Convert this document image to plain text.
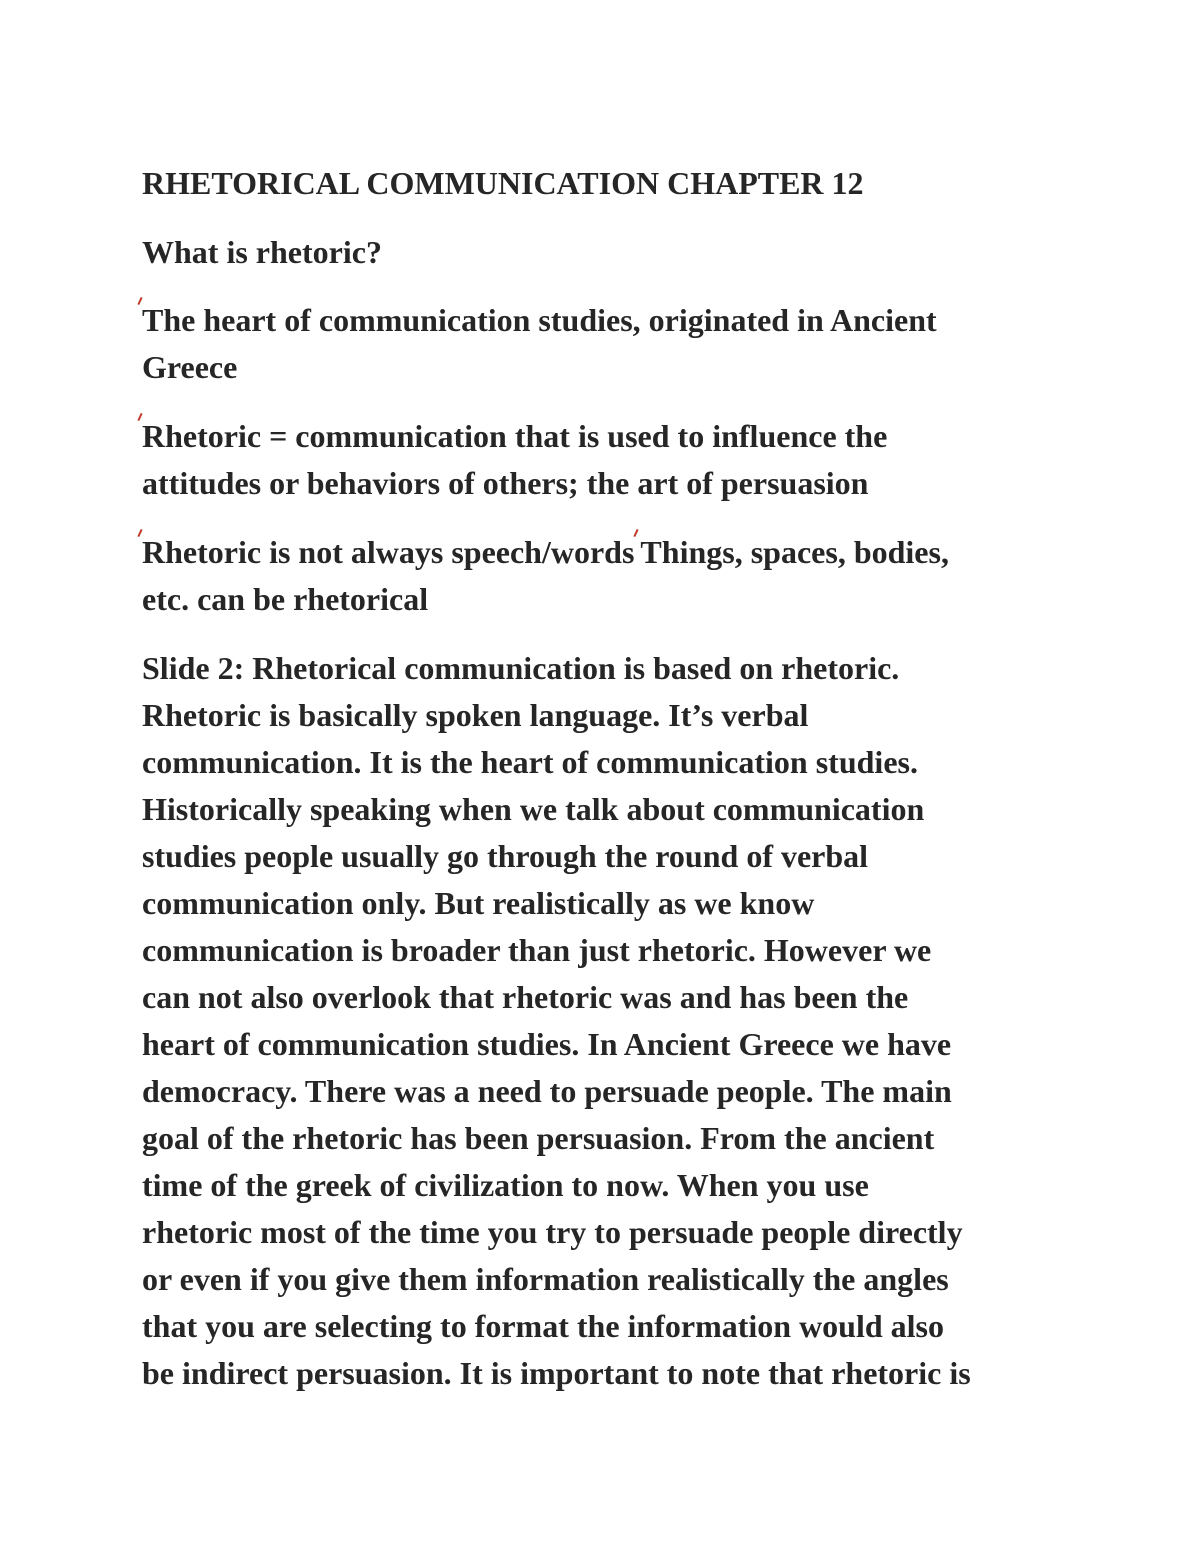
RHETORICAL COMMUNICATION CHAPTER 12
What is rhetoric?
The heart of communication studies, originated in Ancient
Greece
Rhetoric = communication that is used to influence the
attitudes or behaviors of others; the art of persuasion
Rhetoric is not always speech/words Things, spaces, bodies,
etc. can be rhetorical
Slide 2: Rhetorical communication is based on rhetoric.
Rhetoric is basically spoken language. It’s verbal
communication. It is the heart of communication studies.
Historically speaking when we talk about communication
studies people usually go through the round of verbal
communication only. But realistically as we know
communication is broader than just rhetoric. However we
can not also overlook that rhetoric was and has been the
heart of communication studies. In Ancient Greece we have
democracy. There was a need to persuade people. The main
goal of the rhetoric has been persuasion. From the ancient
time of the greek of civilization to now. When you use
rhetoric most of the time you try to persuade people directly
or even if you give them information realistically the angles
that you are selecting to format the information would also
be indirect persuasion. It is important to note that rhetoric is
